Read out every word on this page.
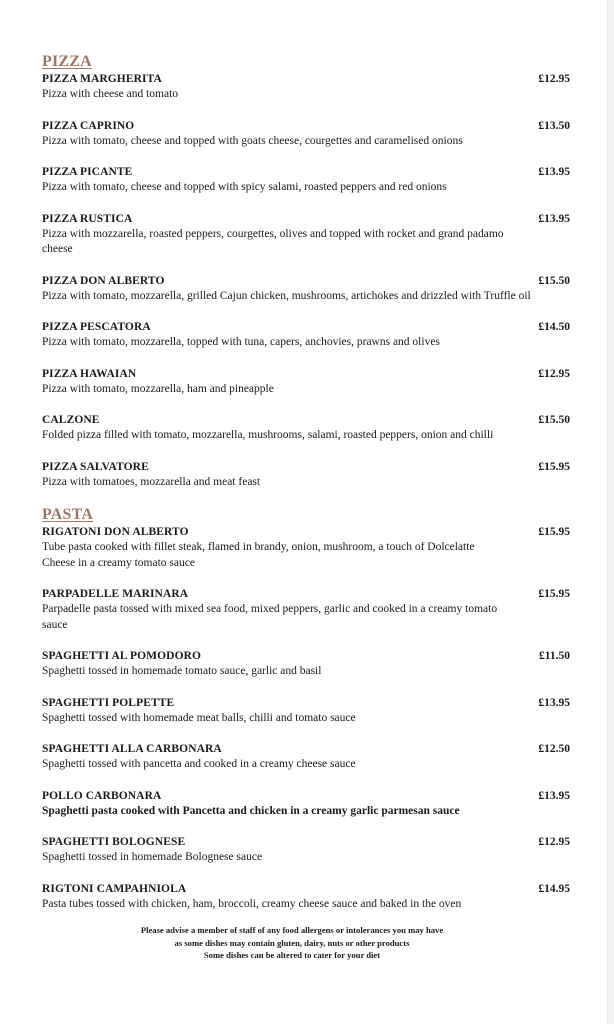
PIZZA
PIZZA MARGHERITA	£12.95
Pizza with cheese and tomato
PIZZA CAPRINO	£13.50
Pizza with tomato, cheese and topped with goats cheese, courgettes and caramelised onions
PIZZA PICANTE	£13.95
Pizza with tomato, cheese and topped with spicy salami, roasted peppers and red onions
PIZZA RUSTICA	£13.95
Pizza with mozzarella, roasted peppers, courgettes, olives and topped with rocket and grand padamo cheese
PIZZA DON ALBERTO	£15.50
Pizza with tomato, mozzarella, grilled Cajun chicken, mushrooms, artichokes and drizzled with Truffle oil
PIZZA PESCATORA	£14.50
Pizza with tomato, mozzarella, topped with tuna, capers, anchovies, prawns and olives
PIZZA HAWAIAN	£12.95
Pizza with tomato, mozzarella, ham and pineapple
CALZONE	£15.50
Folded pizza filled with tomato, mozzarella, mushrooms, salami, roasted peppers, onion and chilli
PIZZA SALVATORE	£15.95
Pizza with tomatoes, mozzarella and meat feast
PASTA
RIGATONI DON ALBERTO	£15.95
Tube pasta cooked with fillet steak, flamed in brandy, onion, mushroom, a touch of Dolcelatte Cheese in a creamy tomato sauce
PARPADELLE MARINARA	£15.95
Parpadelle pasta tossed with mixed sea food, mixed peppers, garlic and cooked in a creamy tomato sauce
SPAGHETTI AL POMODORO	£11.50
Spaghetti tossed in homemade tomato sauce, garlic and basil
SPAGHETTI POLPETTE	£13.95
Spaghetti tossed with homemade meat balls, chilli and tomato sauce
SPAGHETTI ALLA CARBONARA	£12.50
Spaghetti tossed with pancetta and cooked in a creamy cheese sauce
POLLO CARBONARA	£13.95
Spaghetti pasta cooked with Pancetta and chicken in a creamy garlic parmesan sauce
SPAGHETTI BOLOGNESE	£12.95
Spaghetti tossed in homemade Bolognese sauce
RIGTONI CAMPAHNIOLA	£14.95
Pasta tubes tossed with chicken, ham, broccoli, creamy cheese sauce and baked in the oven
Please advise a member of staff of any food allergens or intolerances you may have
as some dishes may contain gluten, dairy, nuts or other products
Some dishes can be altered to cater for your diet
